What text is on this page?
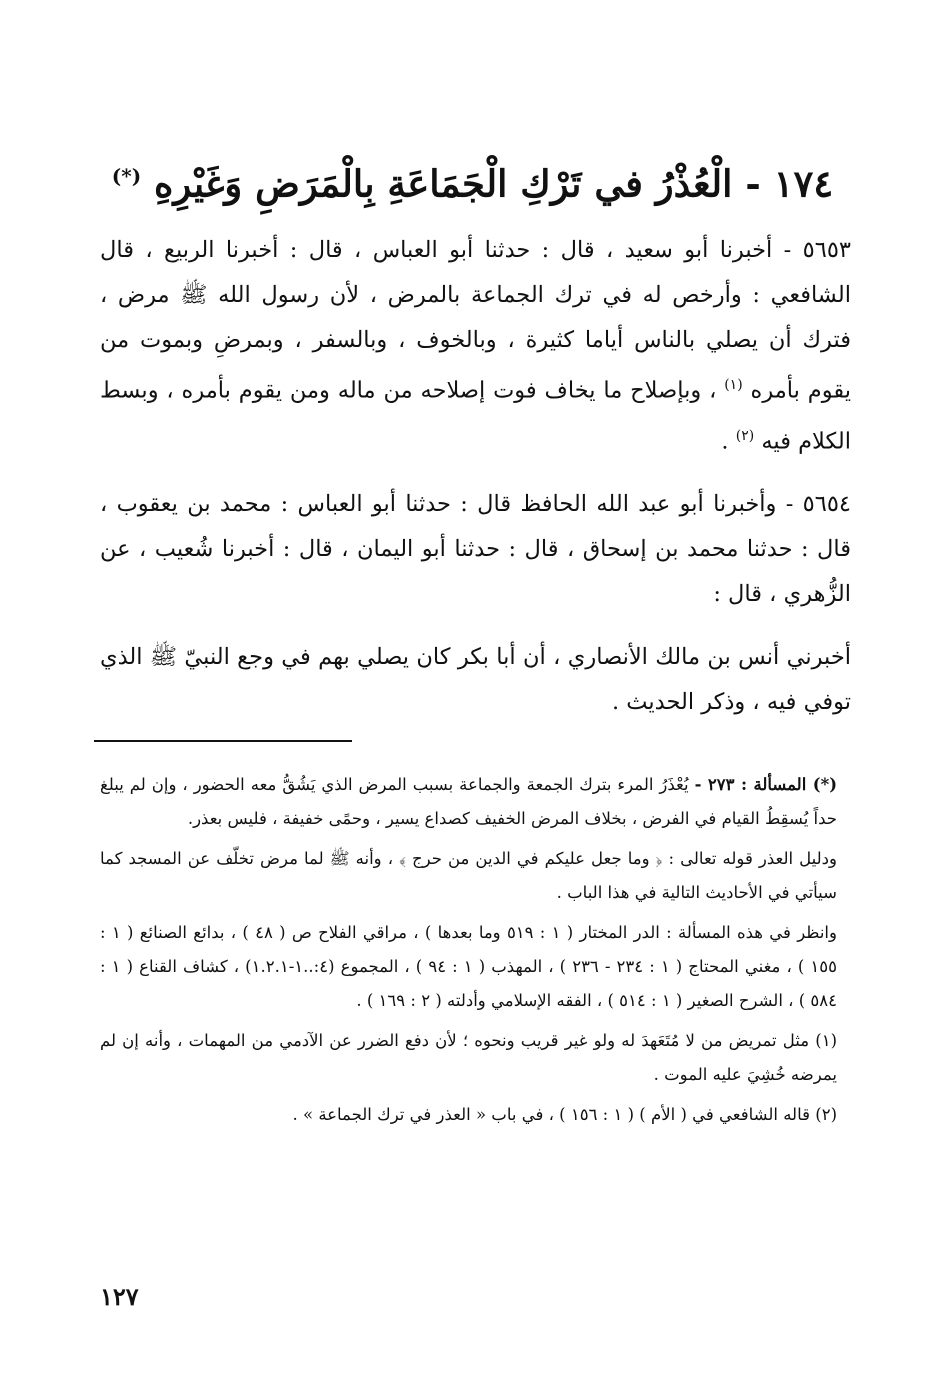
١٧٤ - الْعُذْرُ في تَرْكِ الْجَمَاعَةِ بِالْمَرَضِ وَغَيْرِهِ (*)

٥٦٥٣ - أخبرنا أبو سعيد ، قال : حدثنا أبو العباس ، قال : أخبرنا الربيع ، قال الشافعي : وأرخص له في ترك الجماعة بالمرض ، لأن رسول الله ﷺ مرض ، فترك أن يصلي بالناس أياما كثيرة ، وبالخوف ، وبالسفر ، وبمرضِ وبموت من يقوم بأمره $^{(١)}$ ، وبإصلاح ما يخاف فوت إصلاحه من ماله ومن يقوم بأمره ، وبسط الكلام فيه $^{(٢)}$ .

٥٦٥٤ - وأخبرنا أبو عبد الله الحافظ قال : حدثنا أبو العباس : محمد بن يعقوب ، قال : حدثنا محمد بن إسحاق ، قال : حدثنا أبو اليمان ، قال : أخبرنا شُعيب ، عن الزُّهري ، قال :

أخبرني أنس بن مالك الأنصاري ، أن أبا بكر كان يصلي بهم في وجع النبيّ ﷺ الذي توفي فيه ، وذكر الحديث .

(*) المسألة : ٢٧٣ - يُعْذَرُ المرء بترك الجمعة والجماعة بسبب المرض الذي يَشُقُّ معه الحضور ، وإن لم يبلغ حداً يُسقِطُ القيام في الفرض ، بخلاف المرض الخفيف كصداع يسير ، وحمًى خفيفة ، فليس بعذر.

ودليل العذر قوله تعالى : ﴿ وما جعل عليكم في الدين من حرج ﴾ ، وأنه ﷺ لما مرض تخلّف عن المسجد كما سيأتي في الأحاديث التالية في هذا الباب .

وانظر في هذه المسألة : الدر المختار ( ١ : ٥١٩ وما بعدها ) ، مراقي الفلاح ص ( ٤٨ ) ، بدائع الصنائع ( ١ : ١٥٥ ) ، مغني المحتاج ( ١ : ٢٣٤ - ٢٣٦ ) ، المهذب ( ١ : ٩٤ ) ، المجموع (٤:..١-١.٢.١) ، كشاف القناع ( ١ : ٥٨٤ ) ، الشرح الصغير ( ١ : ٥١٤ ) ، الفقه الإسلامي وأدلته ( ٢ : ١٦٩ ) .

(١) مثل تمريض من لا مُتَعَهدَ له ولو غير قريب ونحوه ؛ لأن دفع الضرر عن الآدمي من المهمات ، وأنه إن لم يمرضه خُشِيَ عليه الموت .

(٢) قاله الشافعي في ( الأم ) ( ١ : ١٥٦ ) ، في باب « العذر في ترك الجماعة » .

١٢٧
